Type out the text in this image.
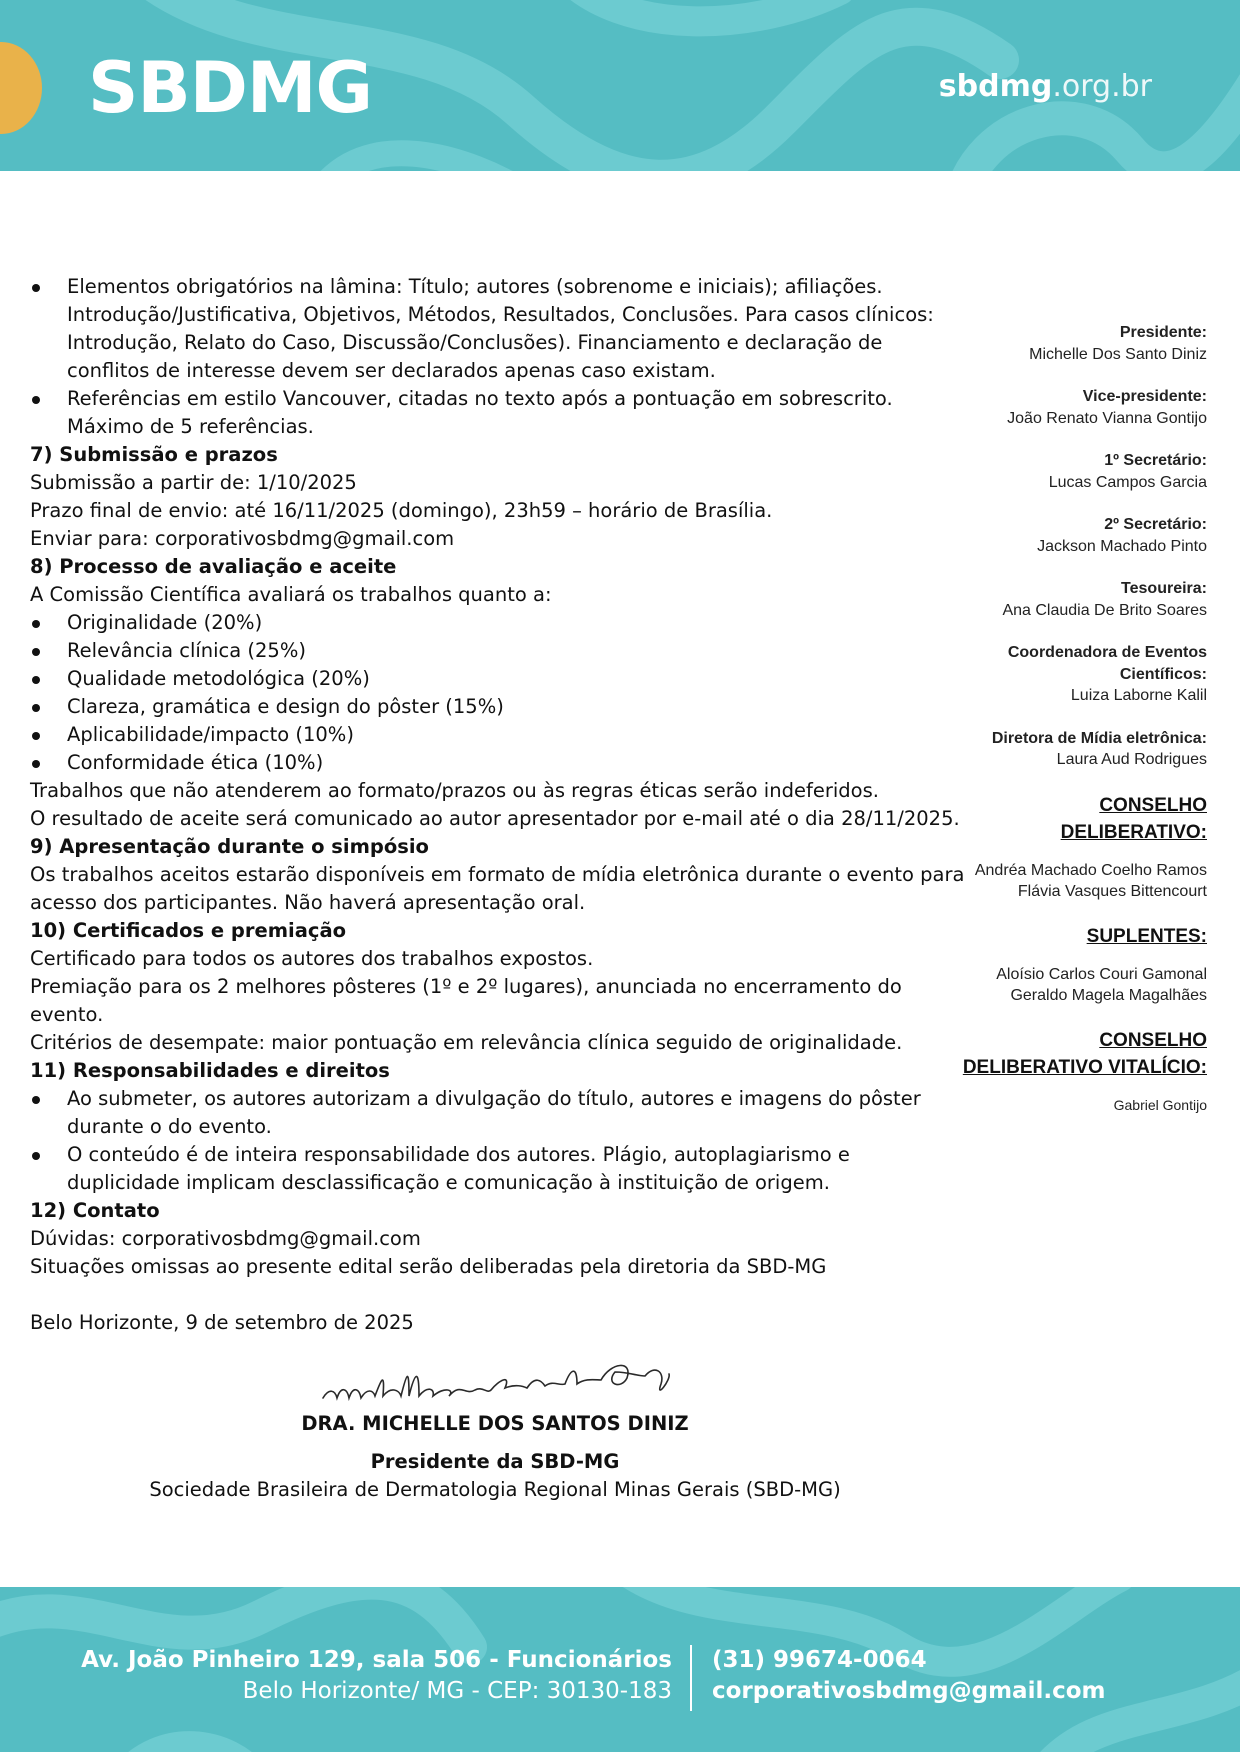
SBDMG	sbdmg.org.br
Elementos obrigatórios na lâmina: Título; autores (sobrenome e iniciais); afiliações. Introdução/Justificativa, Objetivos, Métodos, Resultados, Conclusões. Para casos clínicos: Introdução, Relato do Caso, Discussão/Conclusões). Financiamento e declaração de conflitos de interesse devem ser declarados apenas caso existam.
Referências em estilo Vancouver, citadas no texto após a pontuação em sobrescrito. Máximo de 5 referências.

7) Submissão e prazos

Submissão a partir de: 1/10/2025

Prazo final de envio: até 16/11/2025 (domingo), 23h59 – horário de Brasília.

Enviar para: corporativosbdmg@gmail.com

8) Processo de avaliação e aceite

A Comissão Científica avaliará os trabalhos quanto a:

Originalidade (20%)
Relevância clínica (25%)
Qualidade metodológica (20%)
Clareza, gramática e design do pôster (15%)
Aplicabilidade/impacto (10%)
Conformidade ética (10%)

Trabalhos que não atenderem ao formato/prazos ou às regras éticas serão indeferidos.

O resultado de aceite será comunicado ao autor apresentador por e-mail até o dia 28/11/2025.

9) Apresentação durante o simpósio

Os trabalhos aceitos estarão disponíveis em formato de mídia eletrônica durante o evento para acesso dos participantes. Não haverá apresentação oral.

10) Certificados e premiação

Certificado para todos os autores dos trabalhos expostos.

Premiação para os 2 melhores pôsteres (1º e 2º lugares), anunciada no encerramento do evento.

Critérios de desempate: maior pontuação em relevância clínica seguido de originalidade.

11) Responsabilidades e direitos

Ao submeter, os autores autorizam a divulgação do título, autores e imagens do pôster durante o do evento.
O conteúdo é de inteira responsabilidade dos autores. Plágio, autoplagiarismo e duplicidade implicam desclassificação e comunicação à instituição de origem.

12) Contato

Dúvidas: corporativosbdmg@gmail.com

Situações omissas ao presente edital serão deliberadas pela diretoria da SBD-MG

Belo Horizonte, 9 de setembro de 2025

DRA. MICHELLE DOS SANTOS DINIZ
Presidente da SBD-MG
Sociedade Brasileira de Dermatologia Regional Minas Gerais (SBD-MG)
Presidente:
Michelle Dos Santo Diniz
Vice-presidente:
João Renato Vianna Gontijo
1º Secretário:
Lucas Campos Garcia
2º Secretário:
Jackson Machado Pinto
Tesoureira:
Ana Claudia De Brito Soares
Coordenadora de Eventos Científicos:
Luiza Laborne Kalil
Diretora de Mídia eletrônica:
Laura Aud Rodrigues
CONSELHO DELIBERATIVO:
Andréa Machado Coelho Ramos
Flávia Vasques Bittencourt
SUPLENTES:
Aloísio Carlos Couri Gamonal
Geraldo Magela Magalhães
CONSELHO DELIBERATIVO VITALÍCIO:
Gabriel Gontijo
Av. João Pinheiro 129, sala 506 - Funcionários
Belo Horizonte/ MG - CEP: 30130-183
(31) 99674-0064
corporativosbdmg@gmail.com
